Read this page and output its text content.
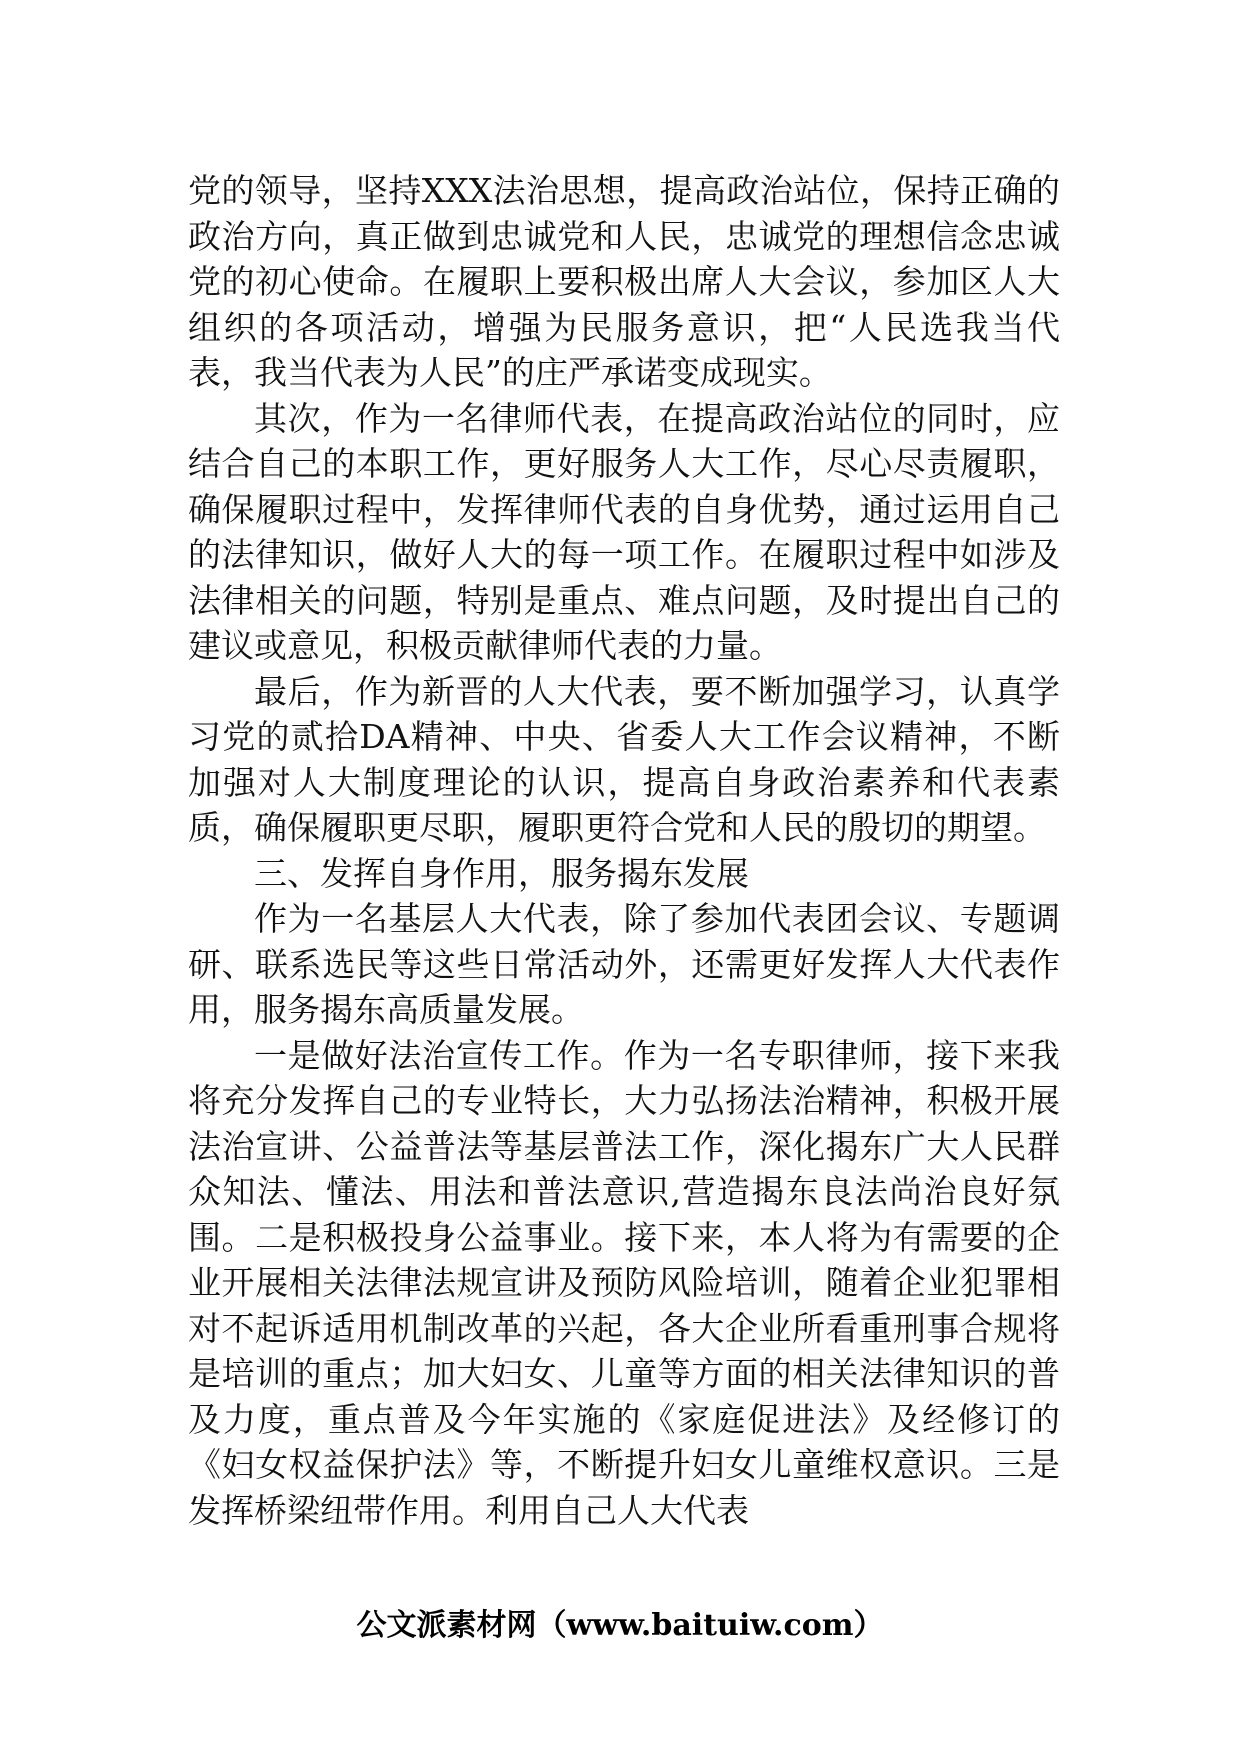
党的领导，坚持XXX法治思想，提高政治站位，保持正确的政治方向，真正做到忠诚党和人民，忠诚党的理想信念忠诚党的初心使命。在履职上要积极出席人大会议，参加区人大组织的各项活动，增强为民服务意识，把“人民选我当代表，我当代表为人民”的庄严承诺变成现实。

其次，作为一名律师代表，在提高政治站位的同时，应结合自己的本职工作，更好服务人大工作，尽心尽责履职，确保履职过程中，发挥律师代表的自身优势，通过运用自己的法律知识，做好人大的每一项工作。在履职过程中如涉及法律相关的问题，特别是重点、难点问题，及时提出自己的建议或意见，积极贡献律师代表的力量。

最后，作为新晋的人大代表，要不断加强学习，认真学习党的贰拾DA精神、中央、省委人大工作会议精神，不断加强对人大制度理论的认识，提高自身政治素养和代表素质，确保履职更尽职，履职更符合党和人民的殷切的期望。

三、发挥自身作用，服务揭东发展

作为一名基层人大代表，除了参加代表团会议、专题调研、联系选民等这些日常活动外，还需更好发挥人大代表作用，服务揭东高质量发展。

一是做好法治宣传工作。作为一名专职律师，接下来我将充分发挥自己的专业特长，大力弘扬法治精神，积极开展法治宣讲、公益普法等基层普法工作，深化揭东广大人民群众知法、懂法、用法和普法意识,营造揭东良法尚治良好氛围。二是积极投身公益事业。接下来，本人将为有需要的企业开展相关法律法规宣讲及预防风险培训，随着企业犯罪相对不起诉适用机制改革的兴起，各大企业所看重刑事合规将是培训的重点；加大妇女、儿童等方面的相关法律知识的普及力度，重点普及今年实施的《家庭促进法》及经修订的《妇女权益保护法》等，不断提升妇女儿童维权意识。三是发挥桥梁纽带作用。利用自己人大代表

公文派素材网（www.baituiw.com）
